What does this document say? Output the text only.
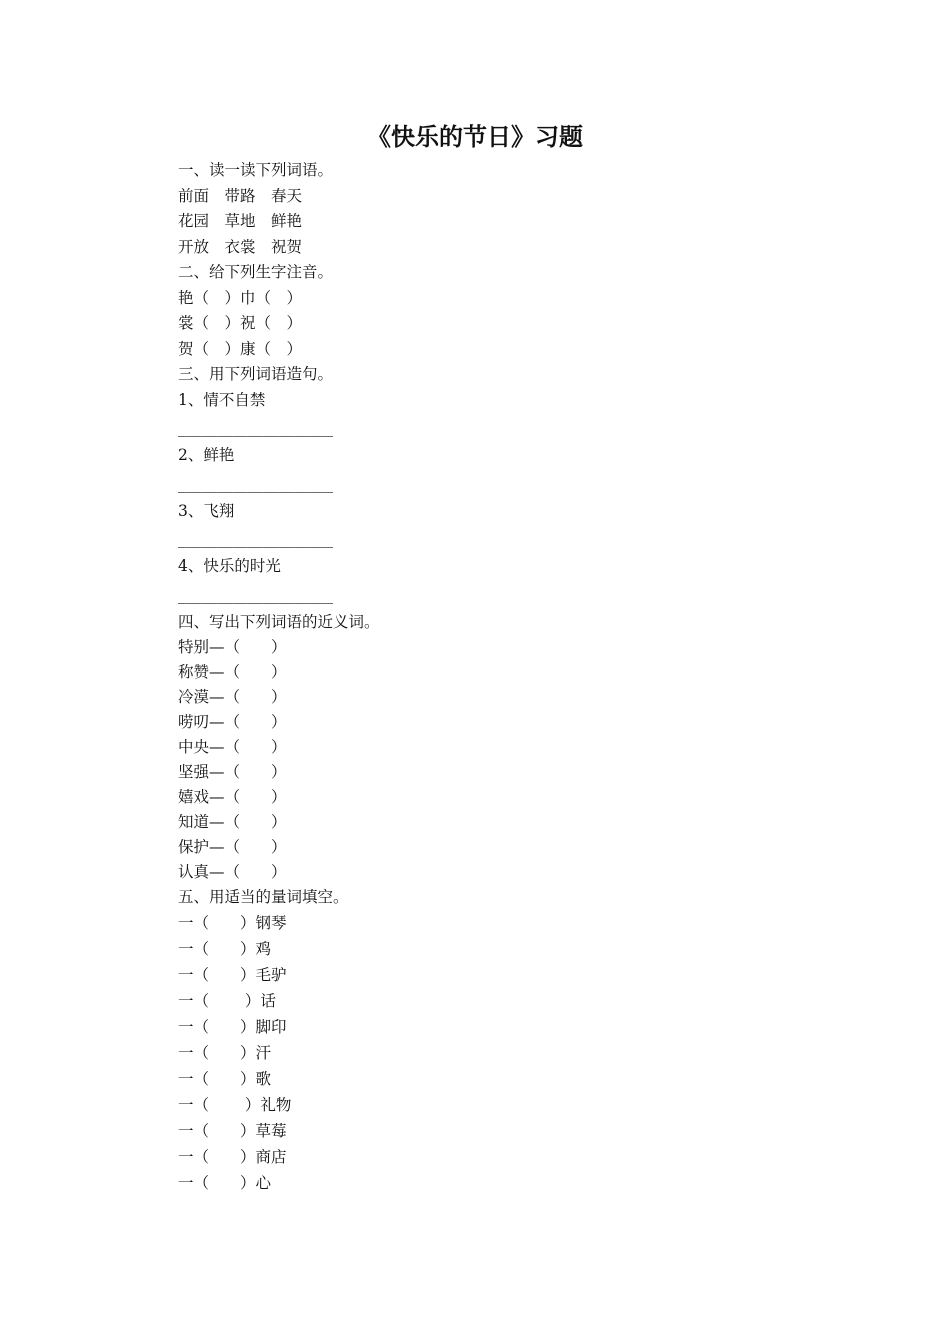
《快乐的节日》习题
一、读一读下列词语。
前面　带路　春天
花园　草地　鲜艳
开放　衣裳　祝贺
二、给下列生字注音。
艳（　）巾（　）
裳（　）祝（　）
贺（　）康（　）
三、用下列词语造句。
1、情不自禁
____________________
2、鲜艳
____________________
3、飞翔
____________________
4、快乐的时光
____________________
四、写出下列词语的近义词。
特别—（　　）
称赞—（　　）
冷漠—（　　）
唠叨—（　　）
中央—（　　）
坚强—（　　）
嬉戏—（　　）
知道—（　　）
保护—（　　）
认真—（　　）
五、用适当的量词填空。
一（　　）钢琴
一（　　）鸡
一（　　）毛驴
一（　　 ）话
一（　　）脚印
一（　　）汗
一（　　）歌
一（　　 ）礼物
一（　　）草莓
一（　　）商店
一（　　）心
